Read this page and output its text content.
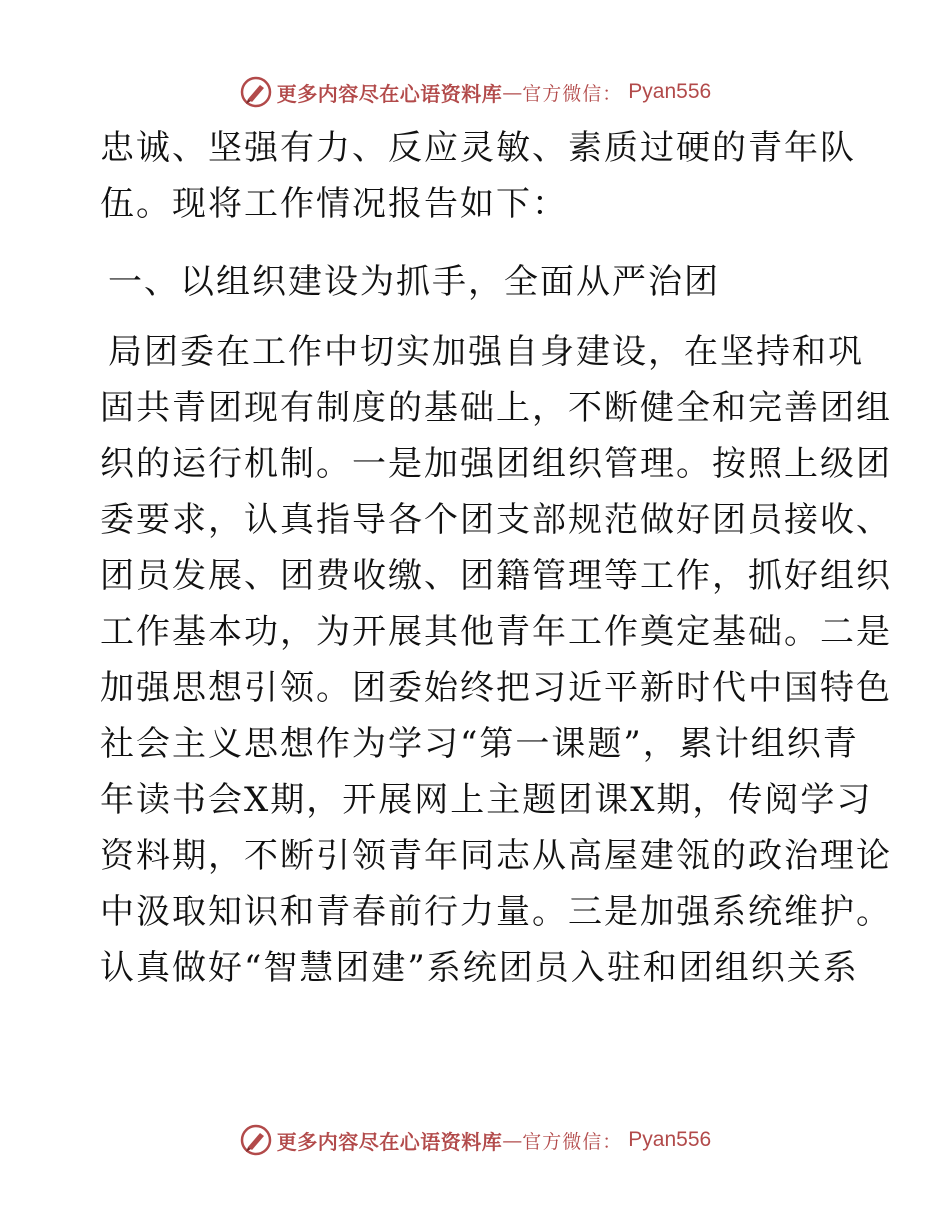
更多内容尽在心语资料库 — 官方微信： Pyan556
忠诚、坚强有力、反应灵敏、素质过硬的青年队
伍。现将工作情况报告如下：
一、以组织建设为抓手，全面从严治团
局团委在工作中切实加强自身建设，在坚持和巩
固共青团现有制度的基础上，不断健全和完善团组
织的运行机制。一是加强团组织管理。按照上级团
委要求，认真指导各个团支部规范做好团员接收、
团员发展、团费收缴、团籍管理等工作，抓好组织
工作基本功，为开展其他青年工作奠定基础。二是
加强思想引领。团委始终把习近平新时代中国特色
社会主义思想作为学习“第一课题”，累计组织青
年读书会X期，开展网上主题团课X期，传阅学习
资料期，不断引领青年同志从高屋建瓴的政治理论
中汲取知识和青春前行力量。三是加强系统维护。
认真做好“智慧团建”系统团员入驻和团组织关系
更多内容尽在心语资料库 — 官方微信： Pyan556
